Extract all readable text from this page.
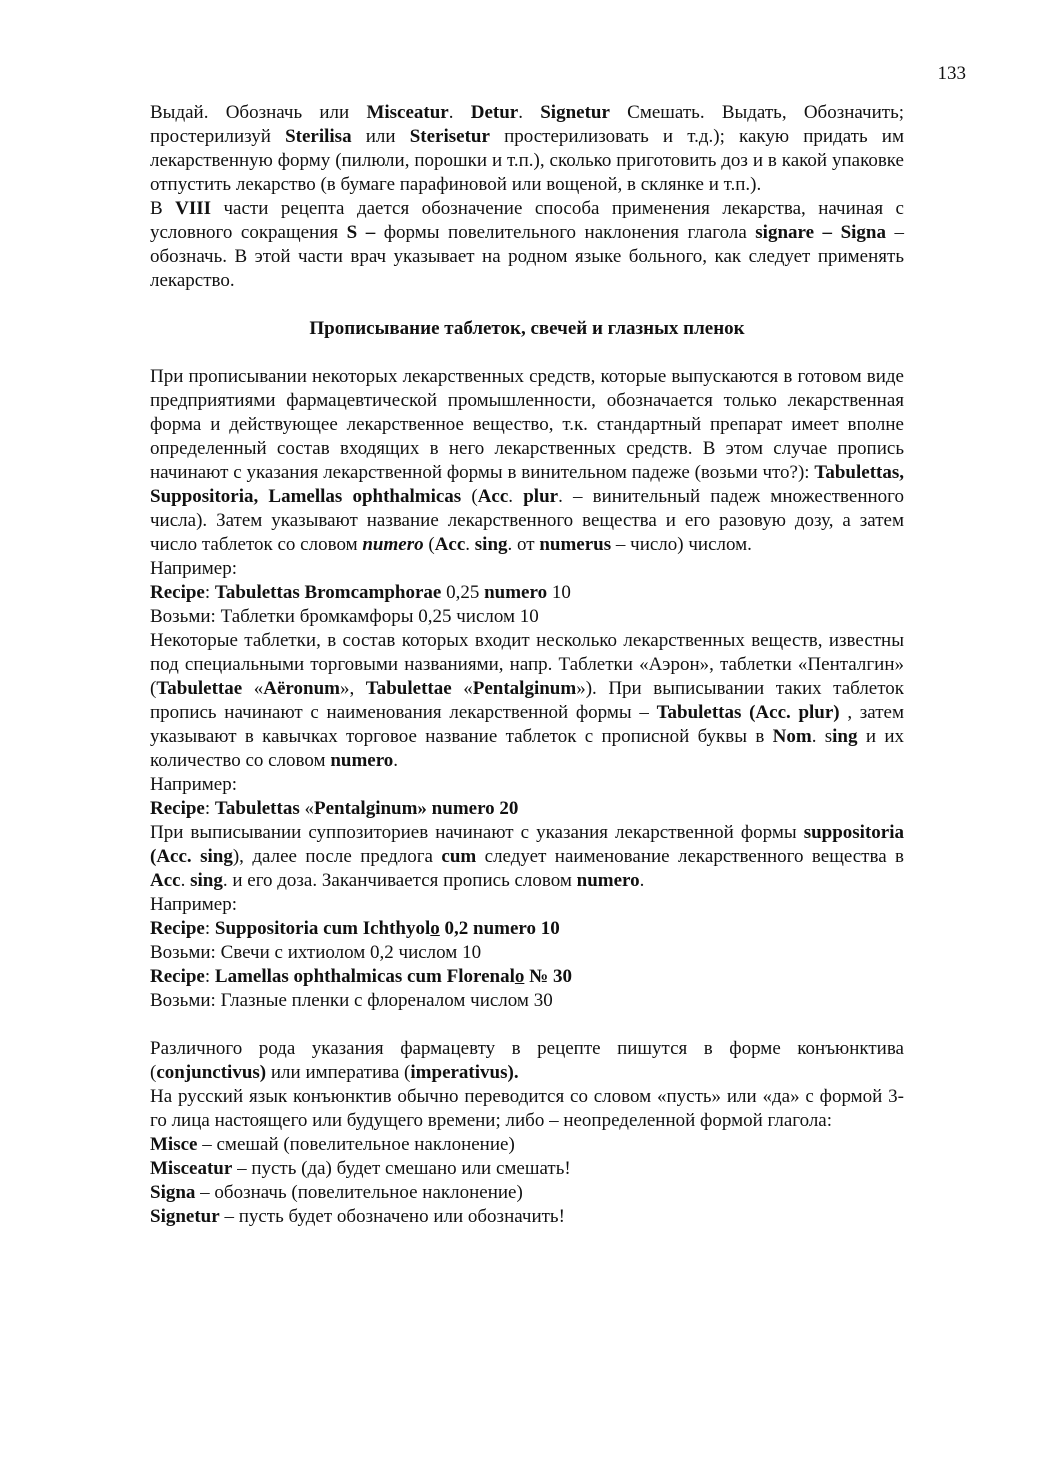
133

Выдай. Обозначь или Misceatur. Detur. Signetur Смешать. Выдать, Обозначить; простерилизуй Sterilisa или Sterisetur простерилизовать и т.д.); какую придать им лекарственную форму (пилюли, порошки и т.п.), сколько приготовить доз и в какой упаковке отпустить лекарство (в бумаге парафиновой или вощеной, в склянке и т.п.).

В VIII части рецепта дается обозначение способа применения лекарства, начиная с условного сокращения S – формы повелительного наклонения глагола signare – Signa –обозначь. В этой части врач указывает на родном языке больного, как следует применять лекарство.

Прописывание таблеток, свечей и глазных пленок

При прописывании некоторых лекарственных средств, которые выпускаются в готовом виде предприятиями фармацевтической промышленности, обозначается только лекарственная форма и действующее лекарственное вещество, т.к. стандартный препарат имеет вполне определенный состав входящих в него лекарственных средств. В этом случае пропись начинают с указания лекарственной формы в винительном падеже (возьми что?): Tabulettas, Suppositoria, Lamellas ophthalmicas (Acc. plur. – винительный падеж множественного числа). Затем указывают название лекарственного вещества и его разовую дозу, а затем число таблеток со словом numero (Acc. sing. от numerus – число) числом.

Например:

Recipe: Tabulettas Bromcamphorae 0,25 numero 10

Возьми: Таблетки бромкамфоры 0,25 числом 10

Некоторые таблетки, в состав которых входит несколько лекарственных веществ, известны под специальными торговыми названиями, напр. Таблетки «Аэрон», таблетки «Пенталгин» (Tabulettae «Aёronum», Tabulettae «Pentalginum»). При выписывании таких таблеток пропись начинают с наименования лекарственной формы – Tabulettas (Acc. plur) , затем указывают в кавычках торговое название таблеток с прописной буквы в Nom. sing и их количество со словом numero.

Например:

Recipe: Tabulettas «Pentalginum» numero 20

При выписывании суппозиториев начинают с указания лекарственной формы suppositoria (Acc. sing), далее после предлога cum следует наименование лекарственного вещества в Acc. sing. и его доза. Заканчивается пропись словом numero.

Например:

Recipe: Suppositoria cum Ichthyolo 0,2 numero 10

Возьми: Свечи с ихтиолом 0,2 числом 10

Recipe: Lamellas ophthalmicas cum Florenalo № 30

Возьми: Глазные пленки с флореналом числом 30

Различного рода указания фармацевту в рецепте пишутся в форме конъюнктива (conjunctivus) или императива (imperativus).

На русский язык конъюнктив обычно переводится со словом «пусть» или «да» с формой 3-го лица настоящего или будущего времени; либо – неопределенной формой глагола:

Misce – смешай (повелительное наклонение)

Misceatur – пусть (да) будет смешано или смешать!

Signa – обозначь (повелительное наклонение)

Signetur – пусть будет обозначено или обозначить!
